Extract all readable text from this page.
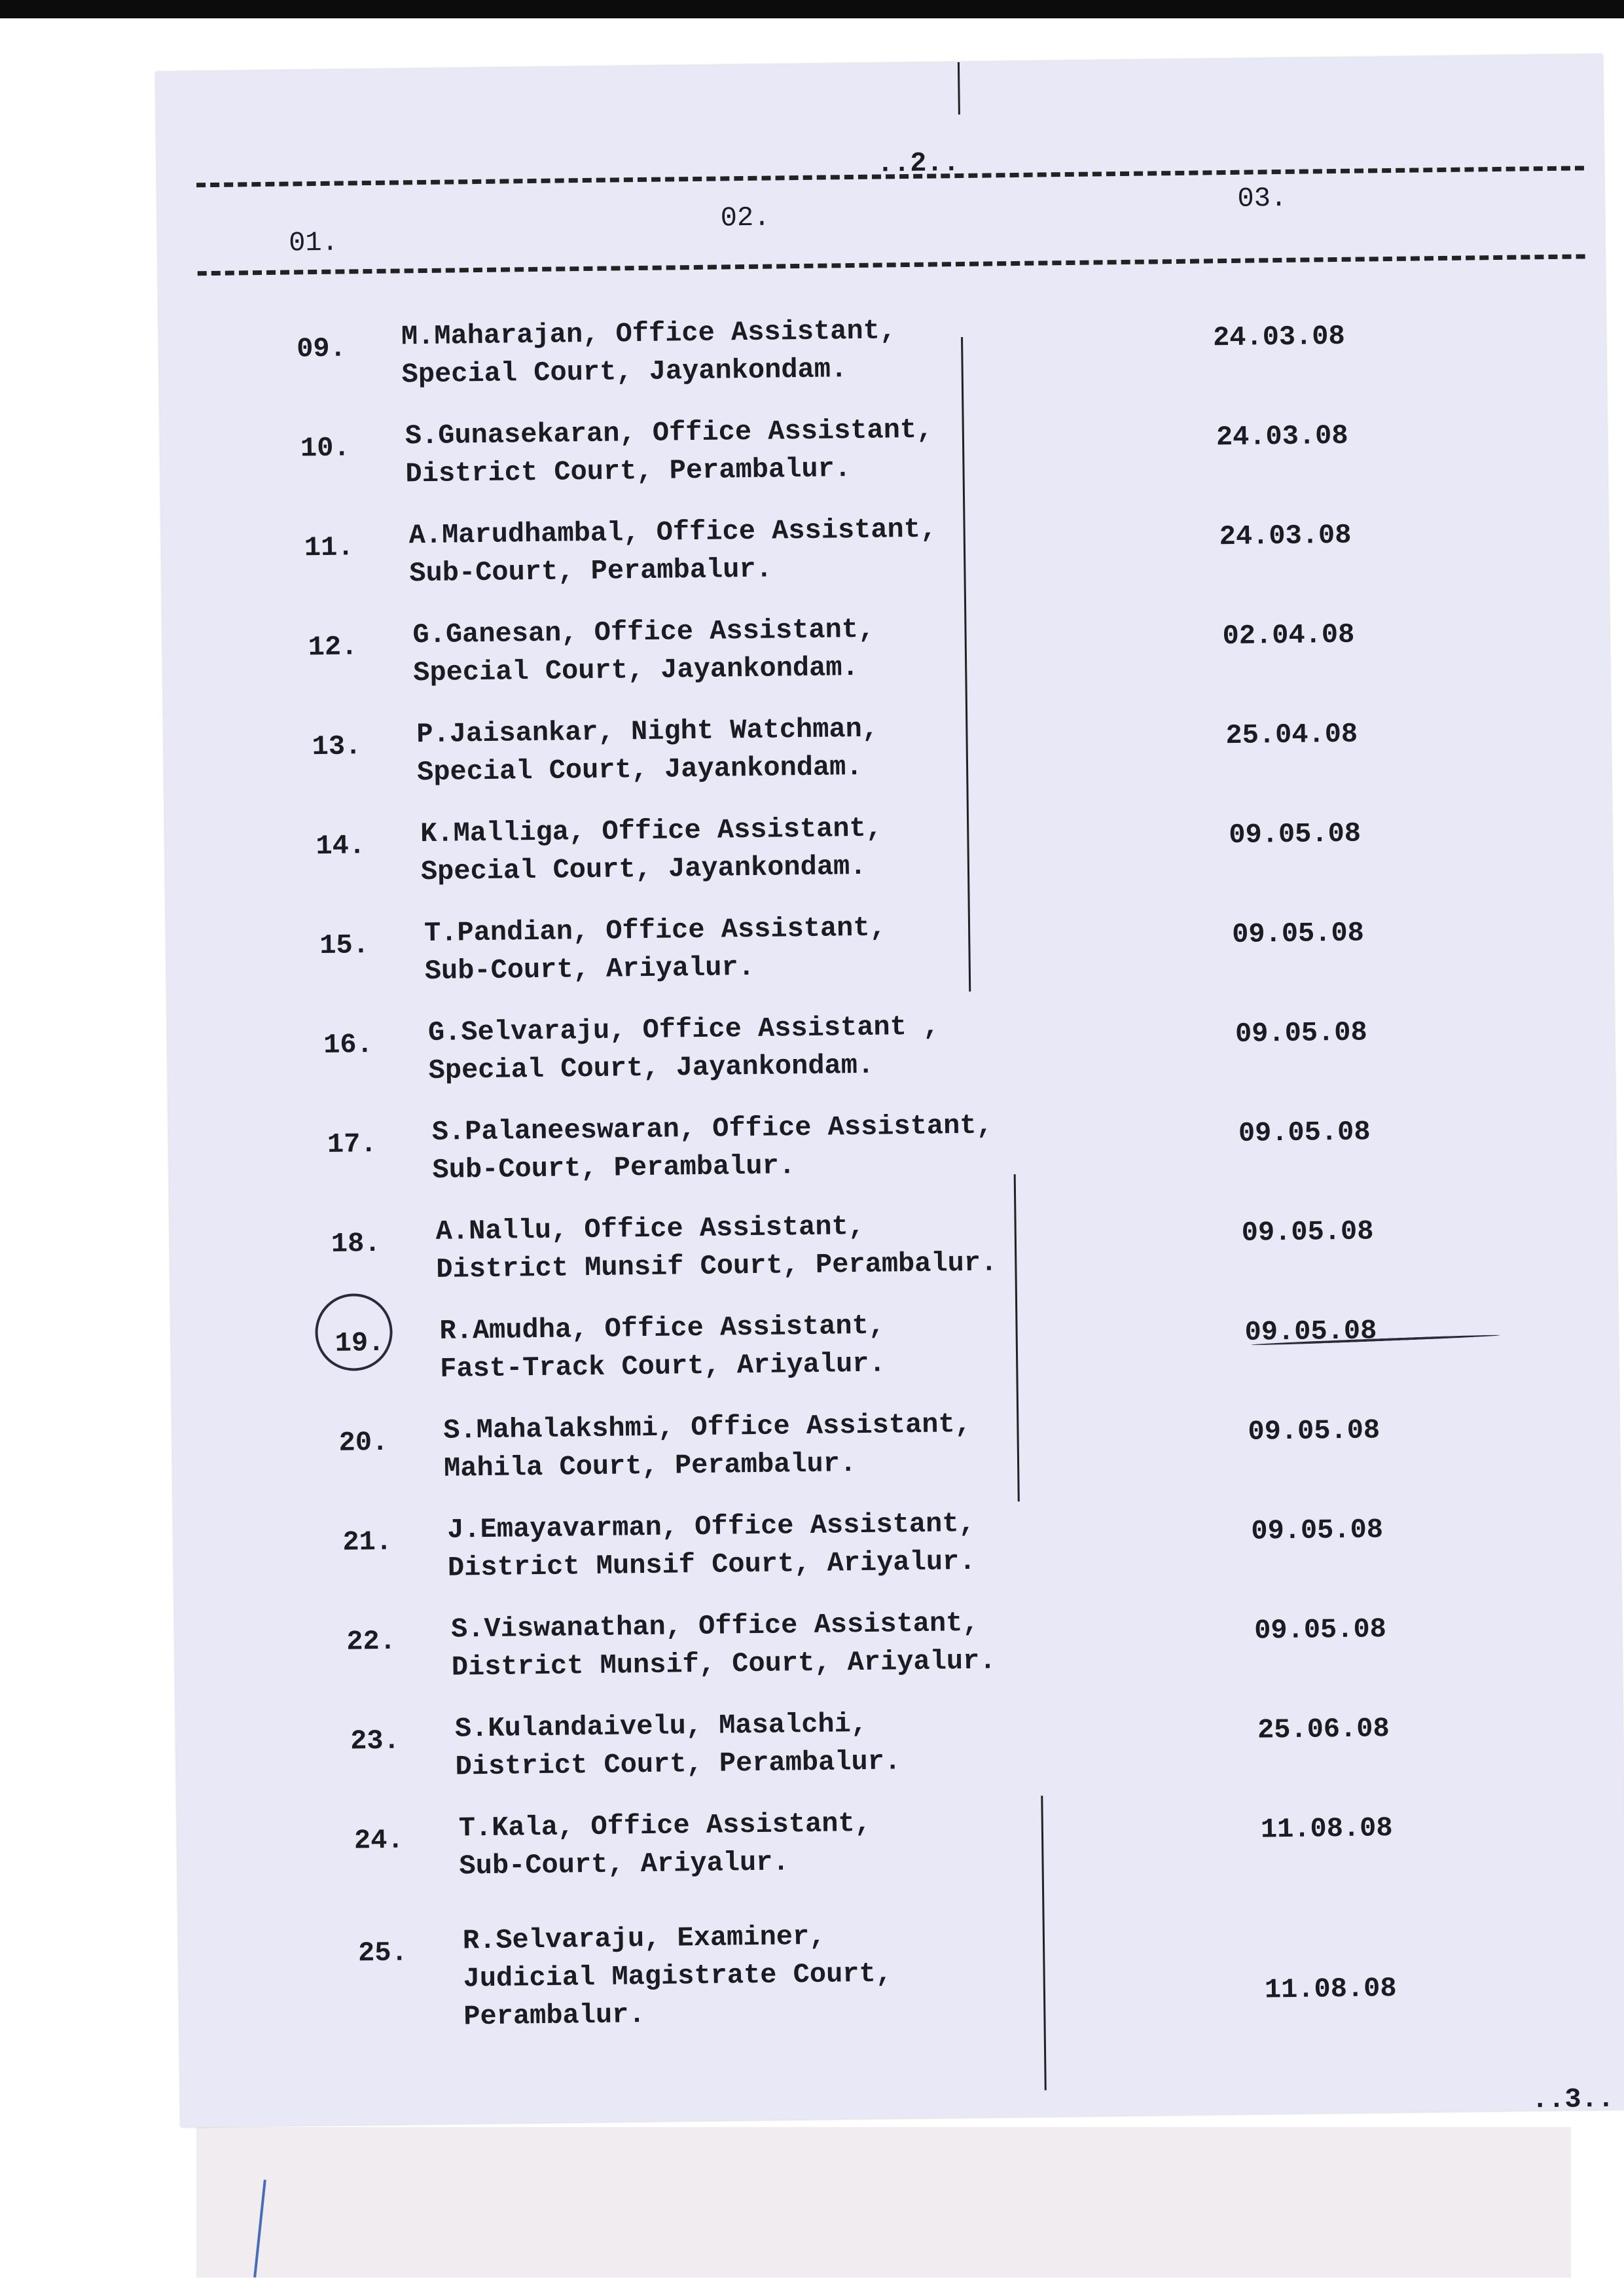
..2..
01.
02.
03.
09. M.Maharajan, Office Assistant,
Special Court, Jayankondam.
24.03.08
10. S.Gunasekaran, Office Assistant,
District Court, Perambalur.
24.03.08
11. A.Marudhambal, Office Assistant,
Sub-Court, Perambalur.
24.03.08
12. G.Ganesan, Office Assistant,
Special Court, Jayankondam.
02.04.08
13. P.Jaisankar, Night Watchman,
Special Court, Jayankondam.
25.04.08
14. K.Malliga, Office Assistant,
Special Court, Jayankondam.
09.05.08
15. T.Pandian, Office Assistant,
Sub-Court, Ariyalur.
09.05.08
16. G.Selvaraju, Office Assistant ,
Special Court, Jayankondam.
09.05.08
17. S.Palaneeswaran, Office Assistant,
Sub-Court, Perambalur.
09.05.08
18. A.Nallu, Office Assistant,
District Munsif Court, Perambalur.
09.05.08
19. R.Amudha, Office Assistant,
Fast-Track Court, Ariyalur.
09.05.08
20. S.Mahalakshmi, Office Assistant,
Mahila Court, Perambalur.
09.05.08
21. J.Emayavarman, Office Assistant,
District Munsif Court, Ariyalur.
09.05.08
22. S.Viswanathan, Office Assistant,
District Munsif, Court, Ariyalur.
09.05.08
23. S.Kulandaivelu, Masalchi,
District Court, Perambalur.
25.06.08
24. T.Kala, Office Assistant,
Sub-Court, Ariyalur.
11.08.08
25. R.Selvaraju, Examiner,
Judicial Magistrate Court,
Perambalur.
11.08.08
..3..
